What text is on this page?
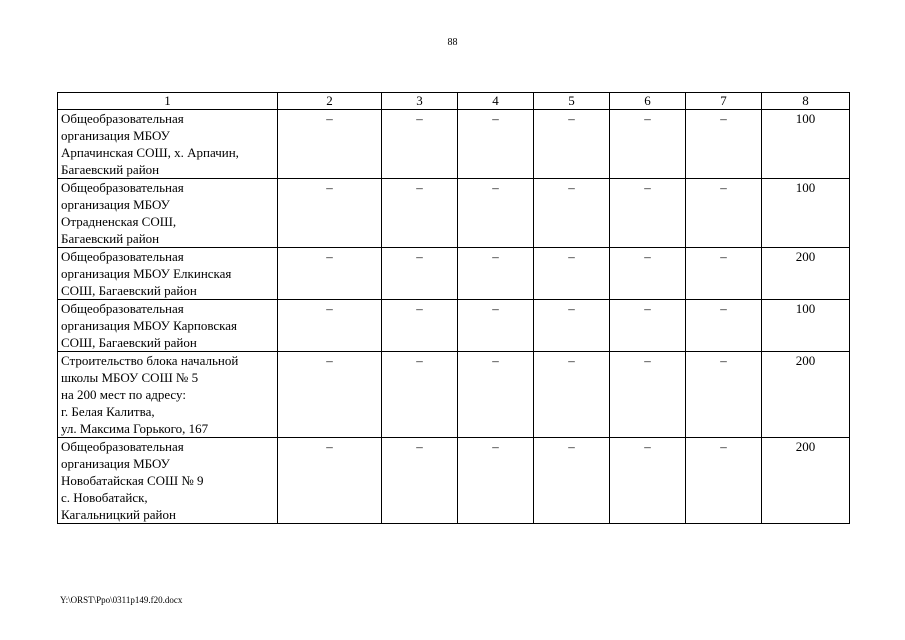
88
1	2	3	4	5	6	7	8

Общеобразовательная
организация МБОУ
Арпачинская СОШ, х. Арпачин,
Багаевский район	–	–	–	–	–	–	100

Общеобразовательная
организация МБОУ
Отрадненская СОШ,
Багаевский район	–	–	–	–	–	–	100

Общеобразовательная
организация МБОУ Елкинская
СОШ, Багаевский район	–	–	–	–	–	–	200

Общеобразовательная
организация МБОУ Карповская
СОШ, Багаевский район	–	–	–	–	–	–	100

Строительство блока начальной
школы МБОУ СОШ № 5
на 200 мест по адресу:
г. Белая Калитва,
ул. Максима Горького, 167	–	–	–	–	–	–	200

Общеобразовательная
организация МБОУ
Новобатайская СОШ № 9
с. Новобатайск,
Кагальницкий район	–	–	–	–	–	–	200
Y:\ORST\Ppo\0311p149.f20.docx
